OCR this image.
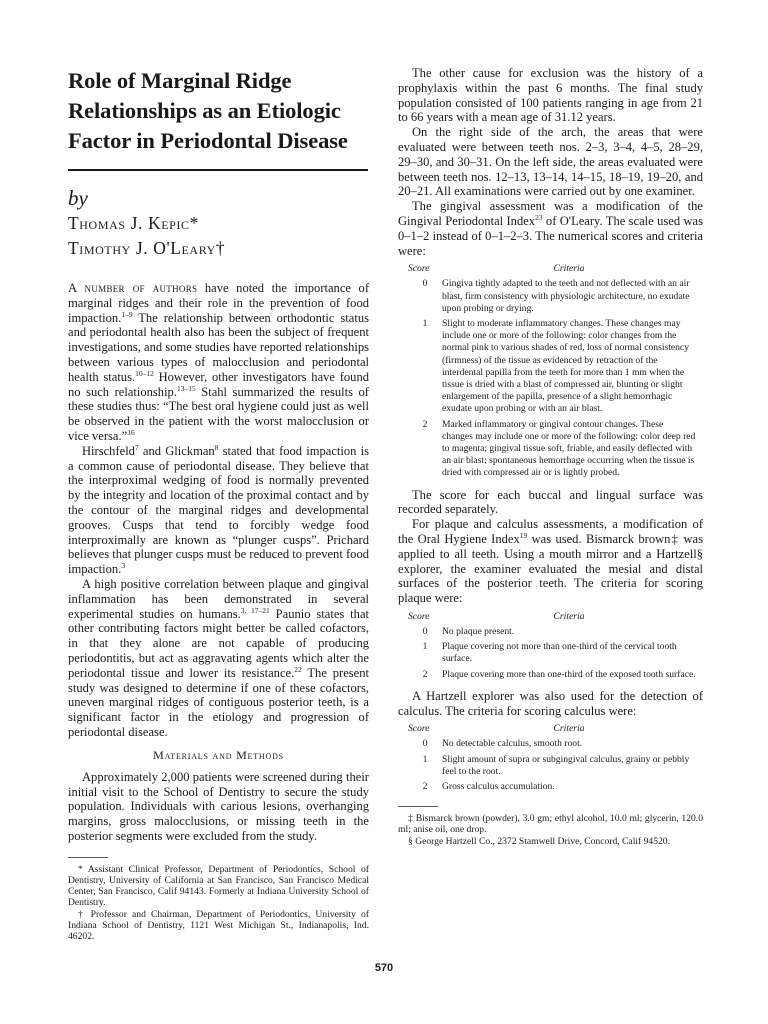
Role of Marginal Ridge Relationships as an Etiologic Factor in Periodontal Disease
by
Thomas J. Kepic*
Timothy J. O'Leary†

A number of authors have noted the importance of marginal ridges and their role in the prevention of food impaction.$^{1-9}$ The relationship between orthodontic status and periodontal health also has been the subject of frequent investigations, and some studies have reported relationships between various types of malocclusion and periodontal health status.$^{10-12}$ However, other investigators have found no such relationship.$^{13-15}$ Stahl summarized the results of these studies thus: “The best oral hygiene could just as well be observed in the patient with the worst malocclusion or vice versa.”$^{16}$

Hirschfeld$^7$ and Glickman$^8$ stated that food impaction is a common cause of periodontal disease. They believe that the interproximal wedging of food is normally prevented by the integrity and location of the proximal contact and by the contour of the marginal ridges and developmental grooves. Cusps that tend to forcibly wedge food interproximally are known as “plunger cusps”. Prichard believes that plunger cusps must be reduced to prevent food impaction.$^3$

A high positive correlation between plaque and gingival inflammation has been demonstrated in several experimental studies on humans.$^{3, 17-21}$ Paunio states that other contributing factors might better be called cofactors, in that they alone are not capable of producing periodontitis, but act as aggravating agents which alter the periodontal tissue and lower its resistance.$^{22}$ The present study was designed to determine if one of these cofactors, uneven marginal ridges of contiguous posterior teeth, is a significant factor in the etiology and progression of periodontal disease.

Materials and Methods

Approximately 2,000 patients were screened during their initial visit to the School of Dentistry to secure the study population. Individuals with carious lesions, overhanging margins, gross malocclusions, or missing teeth in the posterior segments were excluded from the study.

* Assistant Clinical Professor, Department of Periodontics, School of Dentistry, University of California at San Francisco, San Francisco Medical Center, San Francisco, Calif 94143. Formerly at Indiana University School of Dentistry.

† Professor and Chairman, Department of Periodontics, University of Indiana School of Dentistry, 1121 West Michigan St., Indianapolis, Ind. 46202.

The other cause for exclusion was the history of a prophylaxis within the past 6 months. The final study population consisted of 100 patients ranging in age from 21 to 66 years with a mean age of 31.12 years.

On the right side of the arch, the areas that were evaluated were between teeth nos. 2–3, 3–4, 4–5, 28–29, 29–30, and 30–31. On the left side, the areas evaluated were between teeth nos. 12–13, 13–14, 14–15, 18–19, 19–20, and 20–21. All examinations were carried out by one examiner.

The gingival assessment was a modification of the Gingival Periodontal Index$^{23}$ of O'Leary. The scale used was 0–1–2 instead of 0–1–2–3. The numerical scores and criteria were:

Score	Criteria
0	Gingiva tightly adapted to the teeth and not deflected with an air blast, firm consistency with physiologic architecture, no exudate upon probing or drying.
1	Slight to moderate inflammatory changes. These changes may include one or more of the following: color changes from the normal pink to various shades of red, loss of normal consistency (firmness) of the tissue as evidenced by retraction of the interdental papilla from the teeth for more than 1 mm when the tissue is dried with a blast of compressed air, blunting or slight enlargement of the papilla, presence of a slight hemorrhagic exudate upon probing or with an air blast.
2	Marked inflammatory or gingival contour changes. These changes may include one or more of the following: color deep red to magenta; gingival tissue soft, friable, and easily deflected with an air blast; spontaneous hemorrhage occurring when the tissue is dried with compressed air or is lightly probed.

The score for each buccal and lingual surface was recorded separately.

For plaque and calculus assessments, a modification of the Oral Hygiene Index$^{19}$ was used. Bismarck brown‡ was applied to all teeth. Using a mouth mirror and a Hartzell§ explorer, the examiner evaluated the mesial and distal surfaces of the posterior teeth. The criteria for scoring plaque were:

Score	Criteria
0	No plaque present.
1	Plaque covering not more than one-third of the cervical tooth surface.
2	Plaque covering more than one-third of the exposed tooth surface.

A Hartzell explorer was also used for the detection of calculus. The criteria for scoring calculus were:

Score	Criteria
0	No detectable calculus, smooth root.
1	Slight amount of supra or subgingival calculus, grainy or pebbly feel to the root.
2	Gross calculus accumulation.

‡ Bismarck brown (powder), 3.0 gm; ethyl alcohol, 10.0 ml; glycerin, 120.0 ml; anise oil, one drop.

§ George Hartzell Co., 2372 Stamwell Drive, Concord, Calif 94520.

570
